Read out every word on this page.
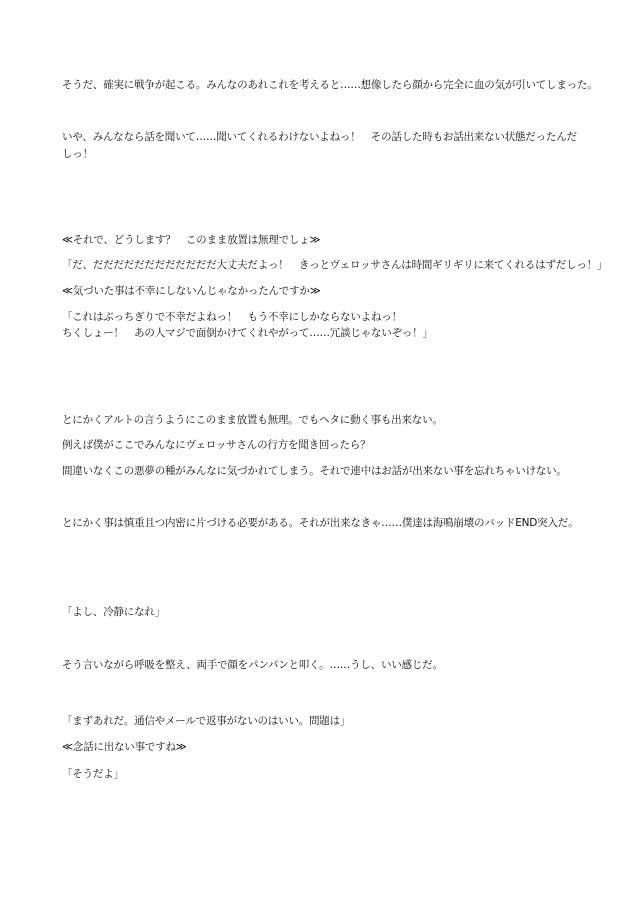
そうだ、確実に戦争が起こる。みんなのあれこれを考えると……想像したら顔から完全に血の気が引いてしまった。
いや、みんななら話を聞いて……聞いてくれるわけないよねっ！　その話した時もお話出来ない状態だったんだ
しっ！
≪それで、どうします？　このまま放置は無理でしょ≫
「だ、だだだだだだだだだだだだ大丈夫だよっ！　きっとヴェロッサさんは時間ギリギリに来てくれるはずだしっ！」
≪気づいた事は不幸にしないんじゃなかったんですか≫
「これはぶっちぎりで不幸だよねっ！　もう不幸にしかならないよねっ！
ちくしょー！　あの人マジで面倒かけてくれやがって……冗談じゃないぞっ！」
とにかくアルトの言うようにこのまま放置も無理。でもヘタに動く事も出来ない。
例えば僕がここでみんなにヴェロッサさんの行方を聞き回ったら？
間違いなくこの悪夢の種がみんなに気づかれてしまう。それで連中はお話が出来ない事を忘れちゃいけない。
とにかく事は慎重且つ内密に片づける必要がある。それが出来なきゃ……僕達は海鳴崩壊のバッドEND突入だ。
「よし、冷静になれ」
そう言いながら呼吸を整え、両手で顔をパンパンと叩く。……うし、いい感じだ。
「まずあれだ。通信やメールで返事がないのはいい。問題は」
≪念話に出ない事ですね≫
「そうだよ」
